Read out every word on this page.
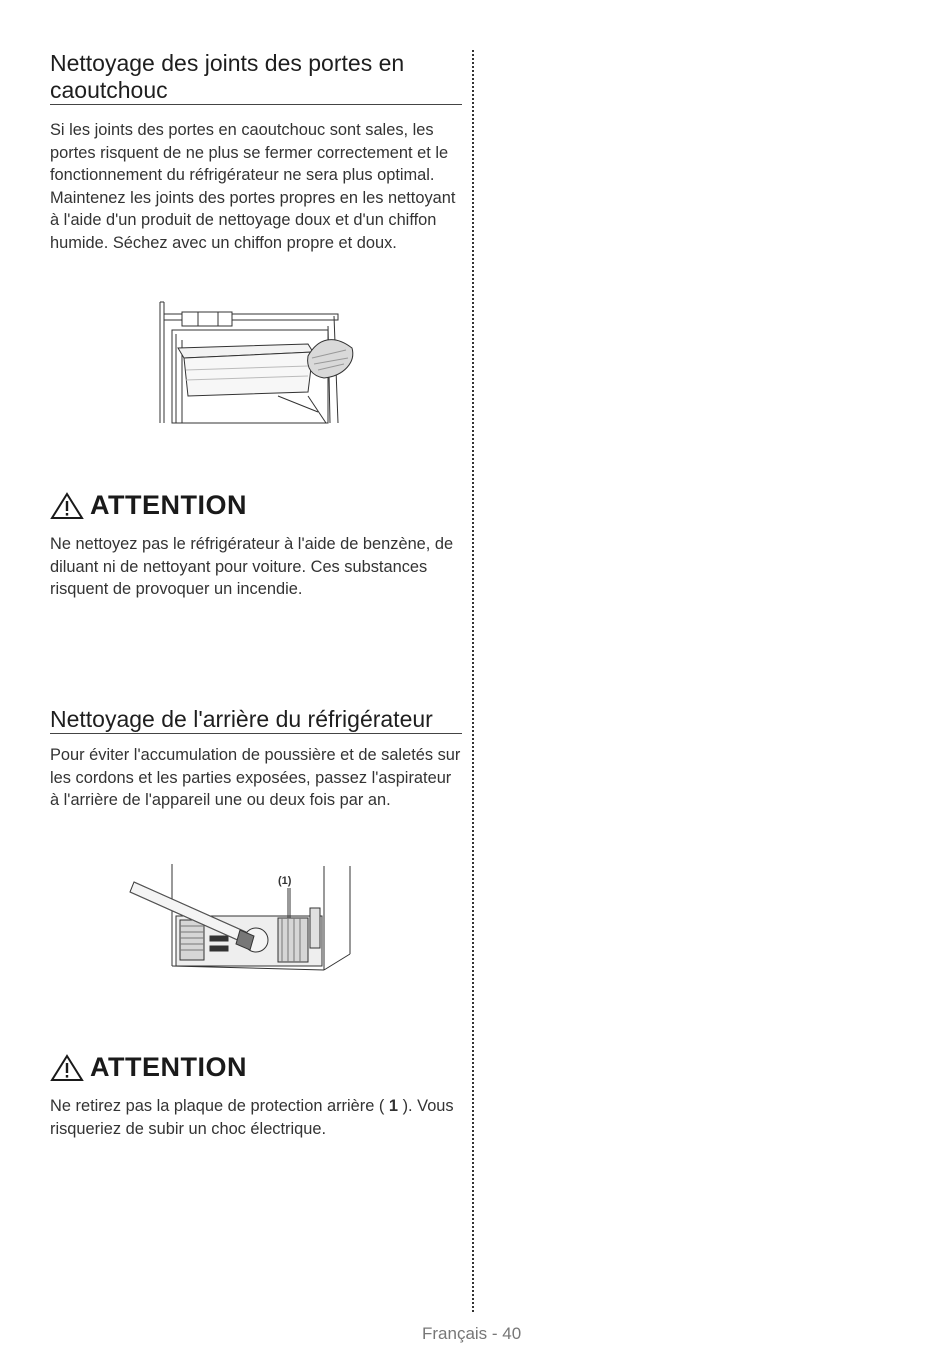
Nettoyage des joints des portes en caoutchouc

Si les joints des portes en caoutchouc sont sales, les portes risquent de ne plus se fermer correctement et le fonctionnement du réfrigérateur ne sera plus optimal. Maintenez les joints des portes propres en les nettoyant à l'aide d'un produit de nettoyage doux et d'un chiffon humide. Séchez avec un chiffon propre et doux.

ATTENTION

Ne nettoyez pas le réfrigérateur à l'aide de benzène, de diluant ni de nettoyant pour voiture. Ces substances risquent de provoquer un incendie.

Nettoyage de l'arrière du réfrigérateur

Pour éviter l'accumulation de poussière et de saletés sur les cordons et les parties exposées, passez l'aspirateur à l'arrière de l'appareil une ou deux fois par an.

(1)
ATTENTION

Ne retirez pas la plaque de protection arrière ( 1 ). Vous risqueriez de subir un choc électrique.

Français - 40
